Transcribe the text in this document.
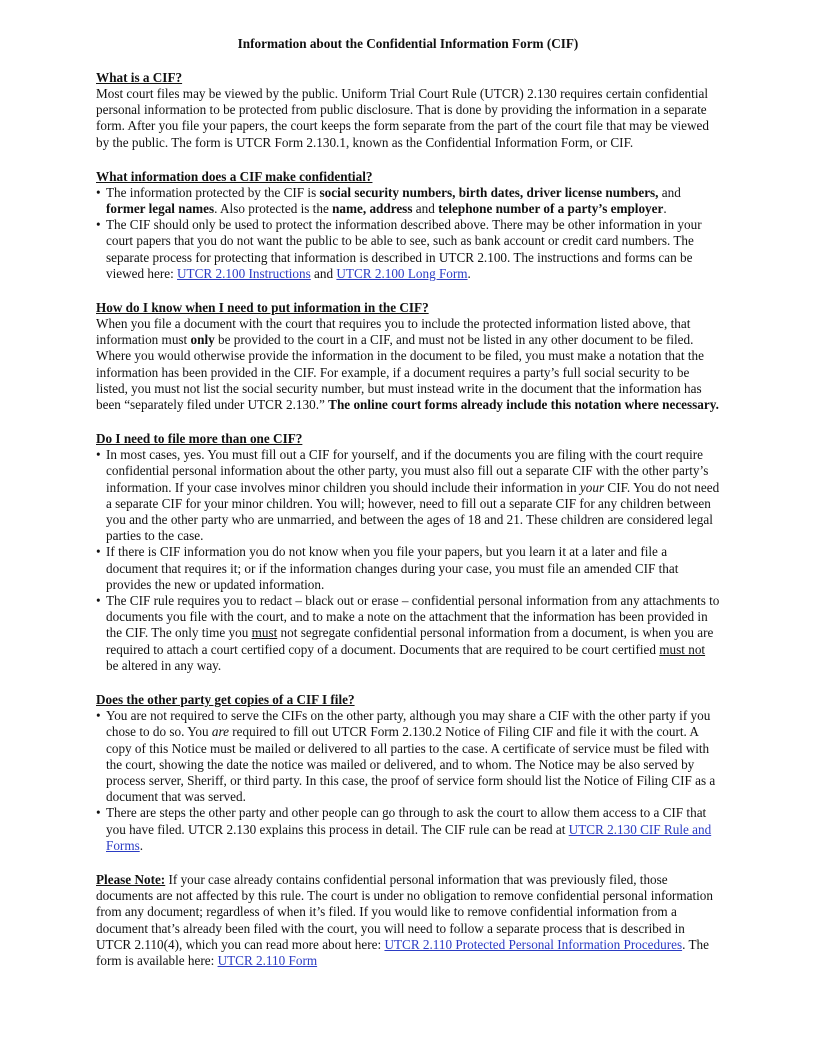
Information about the Confidential Information Form (CIF)
What is a CIF?

Most court files may be viewed by the public. Uniform Trial Court Rule (UTCR) 2.130 requires certain confidential personal information to be protected from public disclosure. That is done by providing the information in a separate form. After you file your papers, the court keeps the form separate from the part of the court file that may be viewed by the public. The form is UTCR Form 2.130.1, known as the Confidential Information Form, or CIF.

What information does a CIF make confidential?
• The information protected by the CIF is social security numbers, birth dates, driver license numbers, and former legal names. Also protected is the name, address and telephone number of a party’s employer.
• The CIF should only be used to protect the information described above. There may be other information in your court papers that you do not want the public to be able to see, such as bank account or credit card numbers. The separate process for protecting that information is described in UTCR 2.100. The instructions and forms can be viewed here: UTCR 2.100 Instructions and UTCR 2.100 Long Form.
How do I know when I need to put information in the CIF?

When you file a document with the court that requires you to include the protected information listed above, that information must only be provided to the court in a CIF, and must not be listed in any other document to be filed. Where you would otherwise provide the information in the document to be filed, you must make a notation that the information has been provided in the CIF. For example, if a document requires a party’s full social security to be listed, you must not list the social security number, but must instead write in the document that the information has been “separately filed under UTCR 2.130.” The online court forms already include this notation where necessary.

Do I need to file more than one CIF?
• In most cases, yes. You must fill out a CIF for yourself, and if the documents you are filing with the court require confidential personal information about the other party, you must also fill out a separate CIF with the other party’s information. If your case involves minor children you should include their information in your CIF. You do not need a separate CIF for your minor children. You will; however, need to fill out a separate CIF for any children between you and the other party who are unmarried, and between the ages of 18 and 21. These children are considered legal parties to the case.
• If there is CIF information you do not know when you file your papers, but you learn it at a later and file a document that requires it; or if the information changes during your case, you must file an amended CIF that provides the new or updated information.
• The CIF rule requires you to redact – black out or erase – confidential personal information from any attachments to documents you file with the court, and to make a note on the attachment that the information has been provided in the CIF. The only time you must not segregate confidential personal information from a document, is when you are required to attach a court certified copy of a document. Documents that are required to be court certified must not be altered in any way.
Does the other party get copies of a CIF I file?
• You are not required to serve the CIFs on the other party, although you may share a CIF with the other party if you chose to do so. You are required to fill out UTCR Form 2.130.2 Notice of Filing CIF and file it with the court. A copy of this Notice must be mailed or delivered to all parties to the case. A certificate of service must be filed with the court, showing the date the notice was mailed or delivered, and to whom. The Notice may be also served by process server, Sheriff, or third party. In this case, the proof of service form should list the Notice of Filing CIF as a document that was served.
• There are steps the other party and other people can go through to ask the court to allow them access to a CIF that you have filed. UTCR 2.130 explains this process in detail. The CIF rule can be read at UTCR 2.130 CIF Rule and Forms.

Please Note: If your case already contains confidential personal information that was previously filed, those documents are not affected by this rule. The court is under no obligation to remove confidential personal information from any document; regardless of when it’s filed. If you would like to remove confidential information from a document that’s already been filed with the court, you will need to follow a separate process that is described in UTCR 2.110(4), which you can read more about here: UTCR 2.110 Protected Personal Information Procedures. The form is available here: UTCR 2.110 Form
